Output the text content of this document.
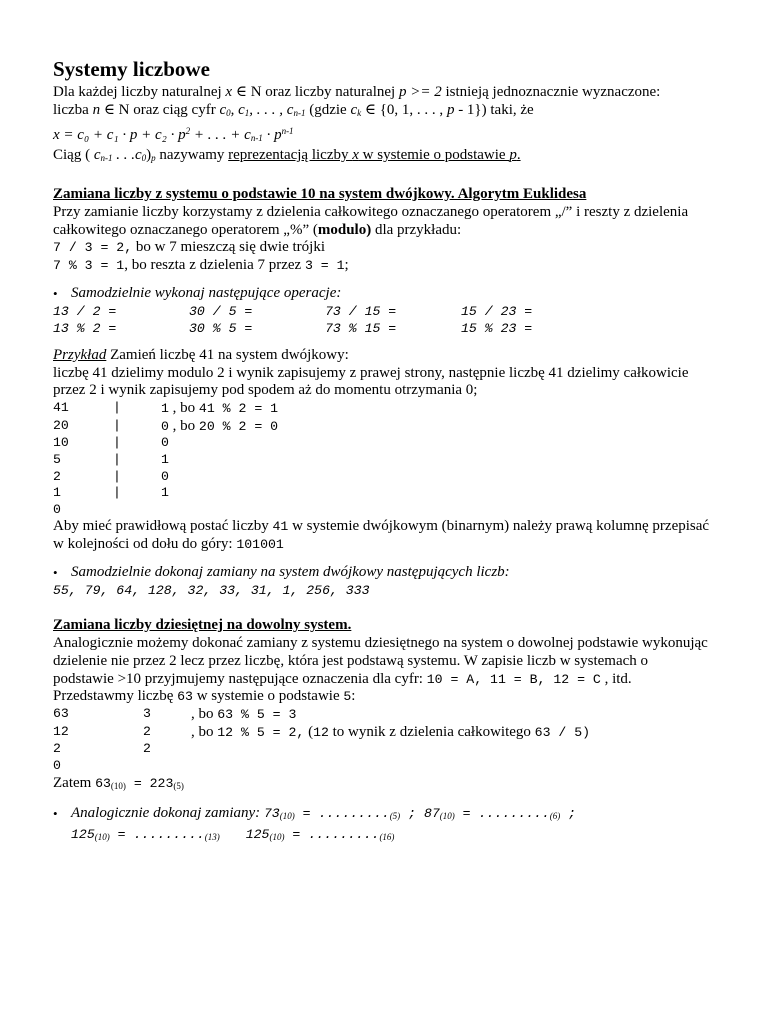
Systemy liczbowe
Dla każdej liczby naturalnej x ∈ N oraz liczby naturalnej p >= 2 istnieją jednoznacznie wyznaczone:
liczba n ∈ N oraz ciąg cyfr $c_0$, $c_1$, . . . , $c_{n-1}$ (gdzie $c_k$ ∈ {0, 1, . . . , p - 1}) taki, że
$x = c_0 + c_1 \cdot p + c_2 \cdot p^2$ + . . . + $c_{n-1} \cdot p^{n-1}$
Ciąg ( $c_{n-1}$ . . $.c_0)_p$ nazywamy reprezentacją liczby x w systemie o podstawie p.
Zamiana liczby z systemu o podstawie 10 na system dwójkowy. Algorytm Euklidesa
Przy zamianie liczby korzystamy z dzielenia całkowitego oznaczanego operatorem „/” i reszty z dzielenia
całkowitego oznaczanego operatorem „%” (modulo) dla przykładu:
7 / 3 = 2, bo w 7 mieszczą się dwie trójki
7 % 3 = 1, bo reszta z dzielenia 7 przez 3 = 1;
• Samodzielnie wykonaj następujące operacje:
13 / 2 =	30 / 5 =	73 / 15 =	15 / 23 =
13 % 2 =	30 % 5 =	73 % 15 =	15 % 23 =
Przykład Zamień liczbę 41 na system dwójkowy:
liczbę 41 dzielimy modulo 2 i wynik zapisujemy z prawej strony, następnie liczbę 41 dzielimy całkowicie
przez 2 i wynik zapisujemy pod spodem aż do momentu otrzymania 0;
41	|	1 , bo 41 % 2 = 1
20	|	0 , bo 20 % 2 = 0
10	|	0
5	|	1
2	|	0
1	|	1
0
Aby mieć prawidłową postać liczby 41 w systemie dwójkowym (binarnym) należy prawą kolumnę przepisać
w kolejności od dołu do góry: 101001
• Samodzielnie dokonaj zamiany na system dwójkowy następujących liczb:
55, 79, 64, 128, 32, 33, 31, 1, 256, 333
Zamiana liczby dziesiętnej na dowolny system.
Analogicznie możemy dokonać zamiany z systemu dziesiętnego na system o dowolnej podstawie wykonując
dzielenie nie przez 2 lecz przez liczbę, która jest podstawą systemu. W zapisie liczb w systemach o
podstawie >10 przyjmujemy następujące oznaczenia dla cyfr: 10 = A, 11 = B, 12 = C , itd.
Przedstawmy liczbę 63 w systemie o podstawie 5:
63	3	, bo 63 % 5 = 3
12	2	, bo 12 % 5 = 2, (12 to wynik z dzielenia całkowitego 63 / 5)
2	2
0
Zatem $63_{(10)} = 223_{(5)}$
• Analogicznie dokonaj zamiany: $73_{(10)} = ........._{(5)}$ ; $87_{(10)} = ........._{(6)}$ ;
$125_{(10)} = ........._{(13)}$ $125_{(10)} = ........._{(16)}$
